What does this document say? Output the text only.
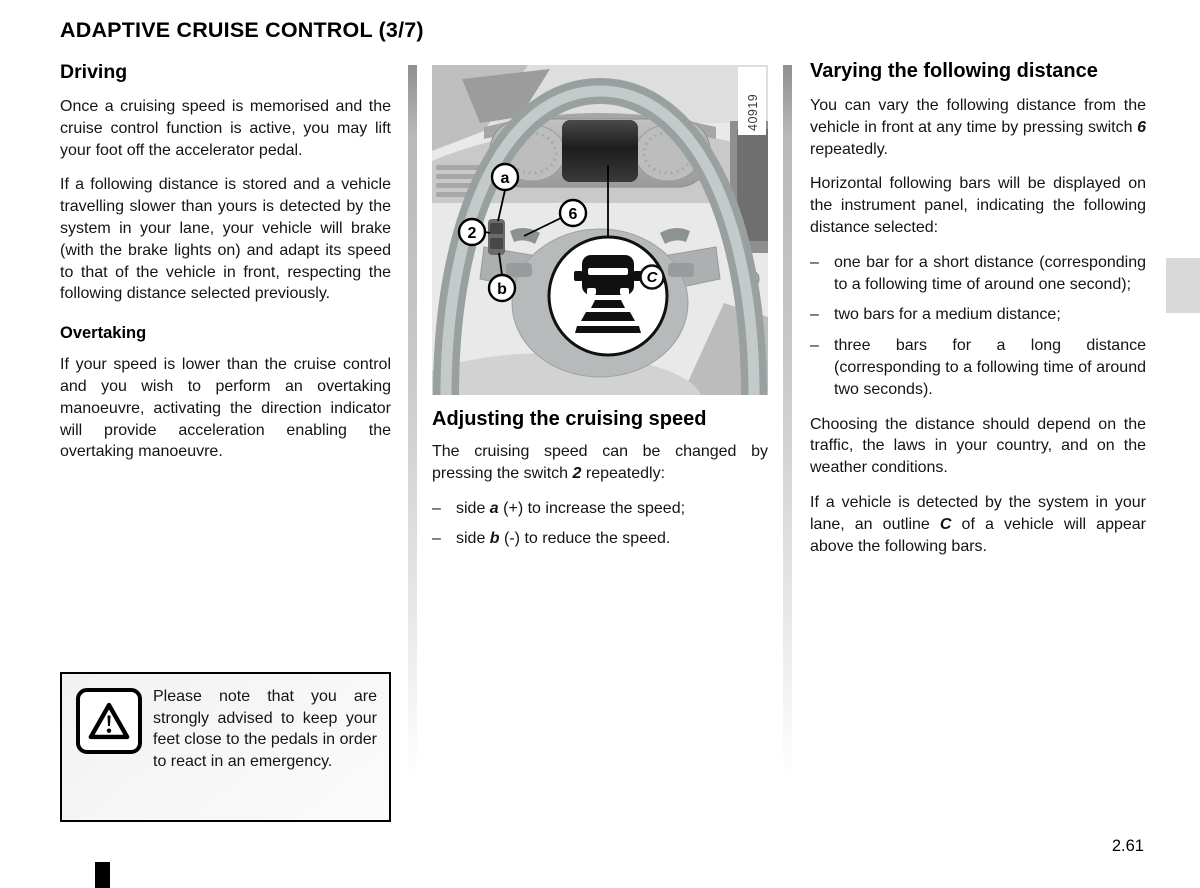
ADAPTIVE CRUISE CONTROL (3/7)
Driving

Once a cruising speed is memorised and the cruise control function is active, you may lift your foot off the accelerator pedal.

If a following distance is stored and a vehicle travelling slower than yours is detected by the system in your lane, your vehicle will brake (with the brake lights on) and adapt its speed to that of the vehicle in front, respecting the following distance selected previously.

Overtaking

If your speed is lower than the cruise control and you wish to perform an overtaking manoeuvre, activating the direction indicator will provide acceleration enabling the overtaking manoeuvre.

40919
a
2
6
b
C
Adjusting the cruising speed

The cruising speed can be changed by pressing the switch 2 repeatedly:

– side a (+) to increase the speed;
– side b (-) to reduce the speed.
Varying the following distance

You can vary the following distance from the vehicle in front at any time by pressing switch 6 repeatedly.

Horizontal following bars will be displayed on the instrument panel, indicating the following distance selected:

– one bar for a short distance (corresponding to a following time of around one second);
– two bars for a medium distance;
– three bars for a long distance (corresponding to a following time of around two seconds).

Choosing the distance should depend on the traffic, the laws in your country, and on the weather conditions.

If a vehicle is detected by the system in your lane, an outline C of a vehicle will appear above the following bars.

Please note that you are strongly advised to keep your feet close to the pedals in order to react in an emergency.
2.61
